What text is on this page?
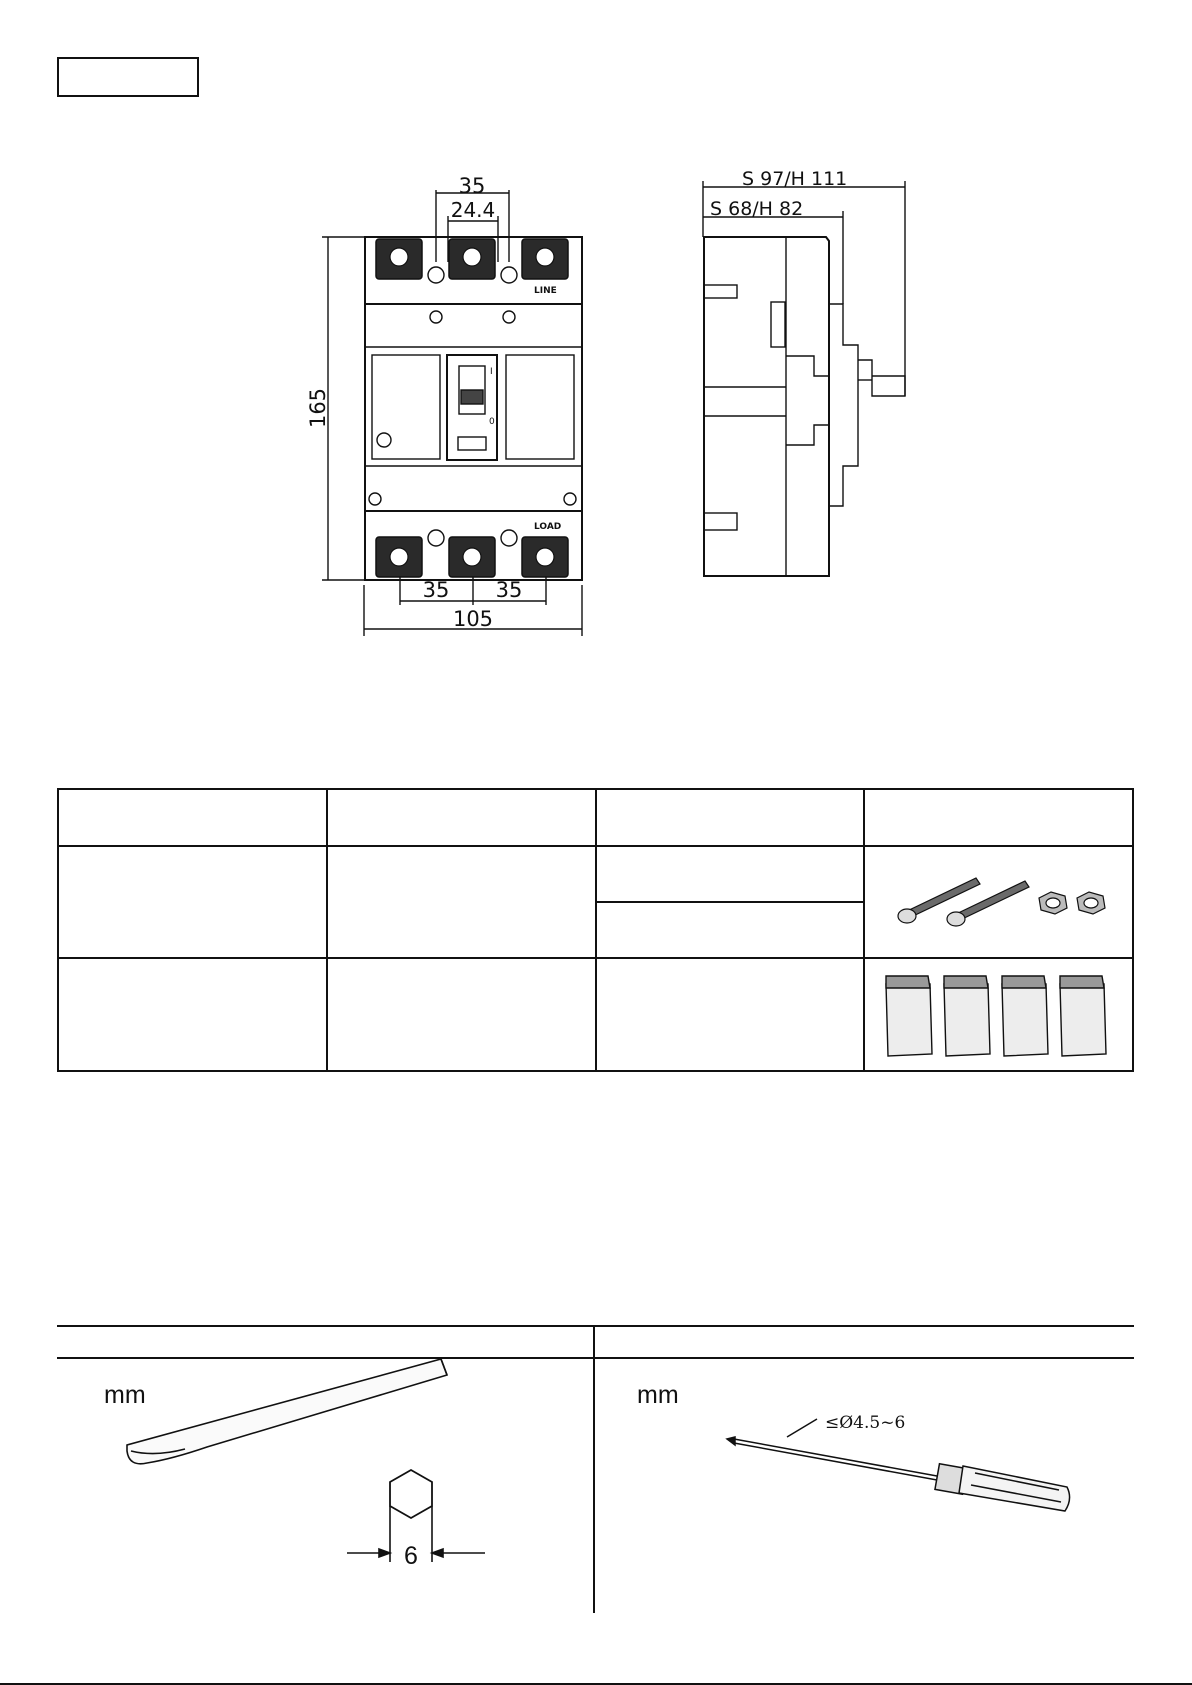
35
24.4
165
35 35
105
LINE
LOAD
I
0
S 97/H 111
S 68/H 82

mm	mm
6
≤Ø4.5~6
